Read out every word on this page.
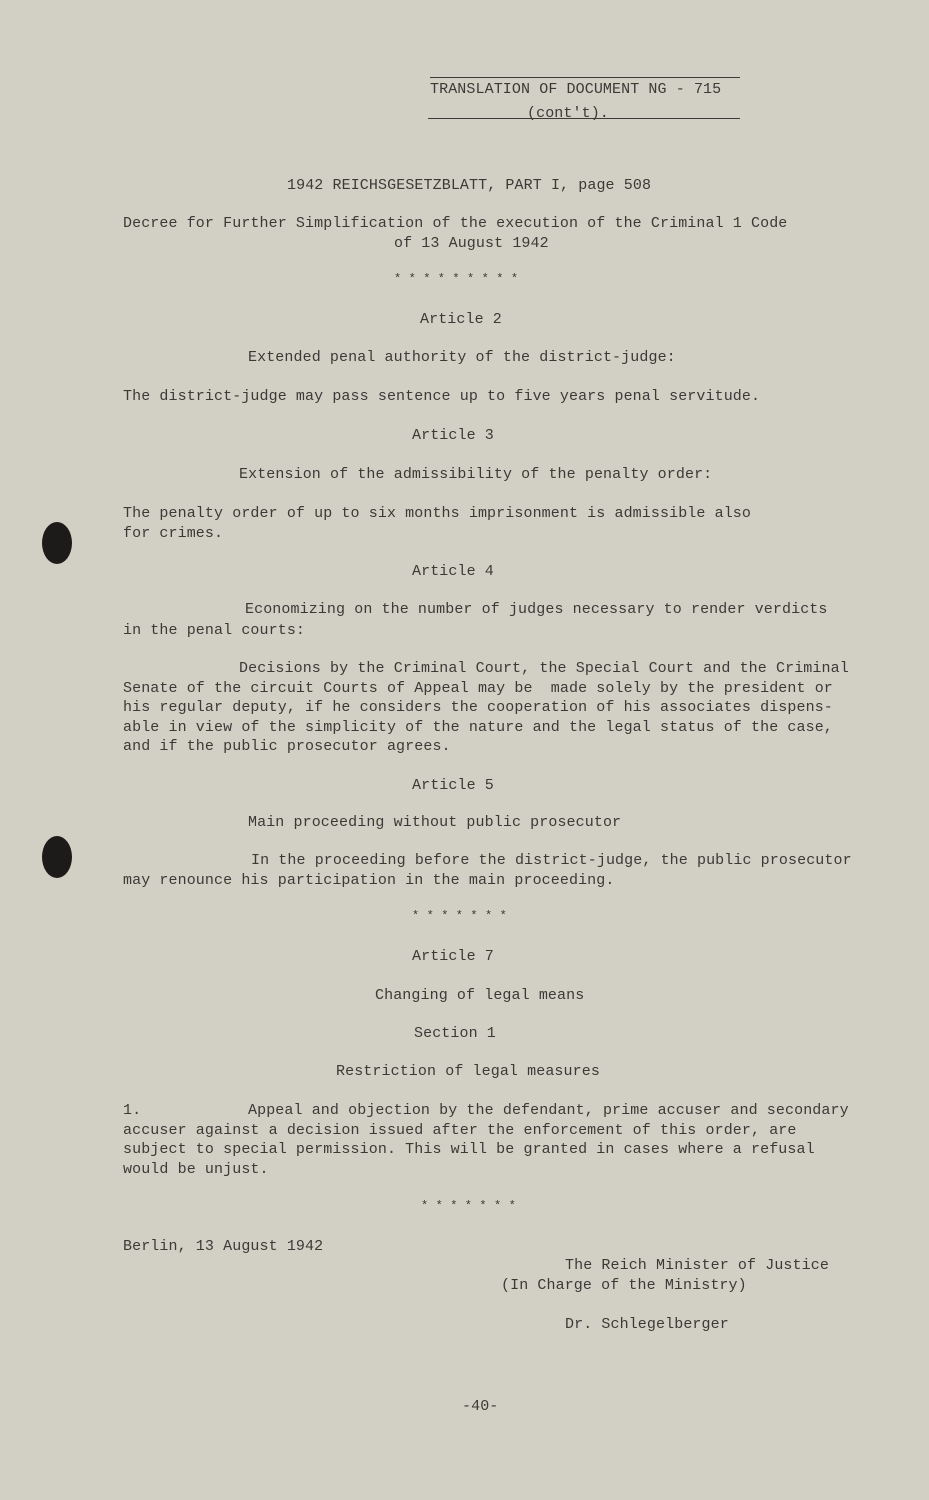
TRANSLATION OF DOCUMENT NG - 715
(cont't).
1942 REICHSGESETZBLATT, PART I, page 508
Decree for Further Simplification of the execution of the Criminal 1 Code
of 13 August 1942
* * * * * * * * *
Article 2
Extended penal authority of the district-judge:
The district-judge may pass sentence up to five years penal servitude.
Article 3
Extension of the admissibility of the penalty order:
The penalty order of up to six months imprisonment is admissible also
for crimes.
Article 4
Economizing on the number of judges necessary to render verdicts
in the penal courts:
Decisions by the Criminal Court, the Special Court and the Criminal
Senate of the circuit Courts of Appeal may be  made solely by the president or
his regular deputy, if he considers the cooperation of his associates dispens-
able in view of the simplicity of the nature and the legal status of the case,
and if the public prosecutor agrees.
Article 5
Main proceeding without public prosecutor
In the proceeding before the district-judge, the public prosecutor
may renounce his participation in the main proceeding.
* * * * * * *
Article 7
Changing of legal means
Section 1
Restriction of legal measures
1.	Appeal and objection by the defendant, prime accuser and secondary
accuser against a decision issued after the enforcement of this order, are
subject to special permission. This will be granted in cases where a refusal
would be unjust.
* * * * * * *
Berlin, 13 August 1942
The Reich Minister of Justice
(In Charge of the Ministry)
Dr. Schlegelberger
-40-
